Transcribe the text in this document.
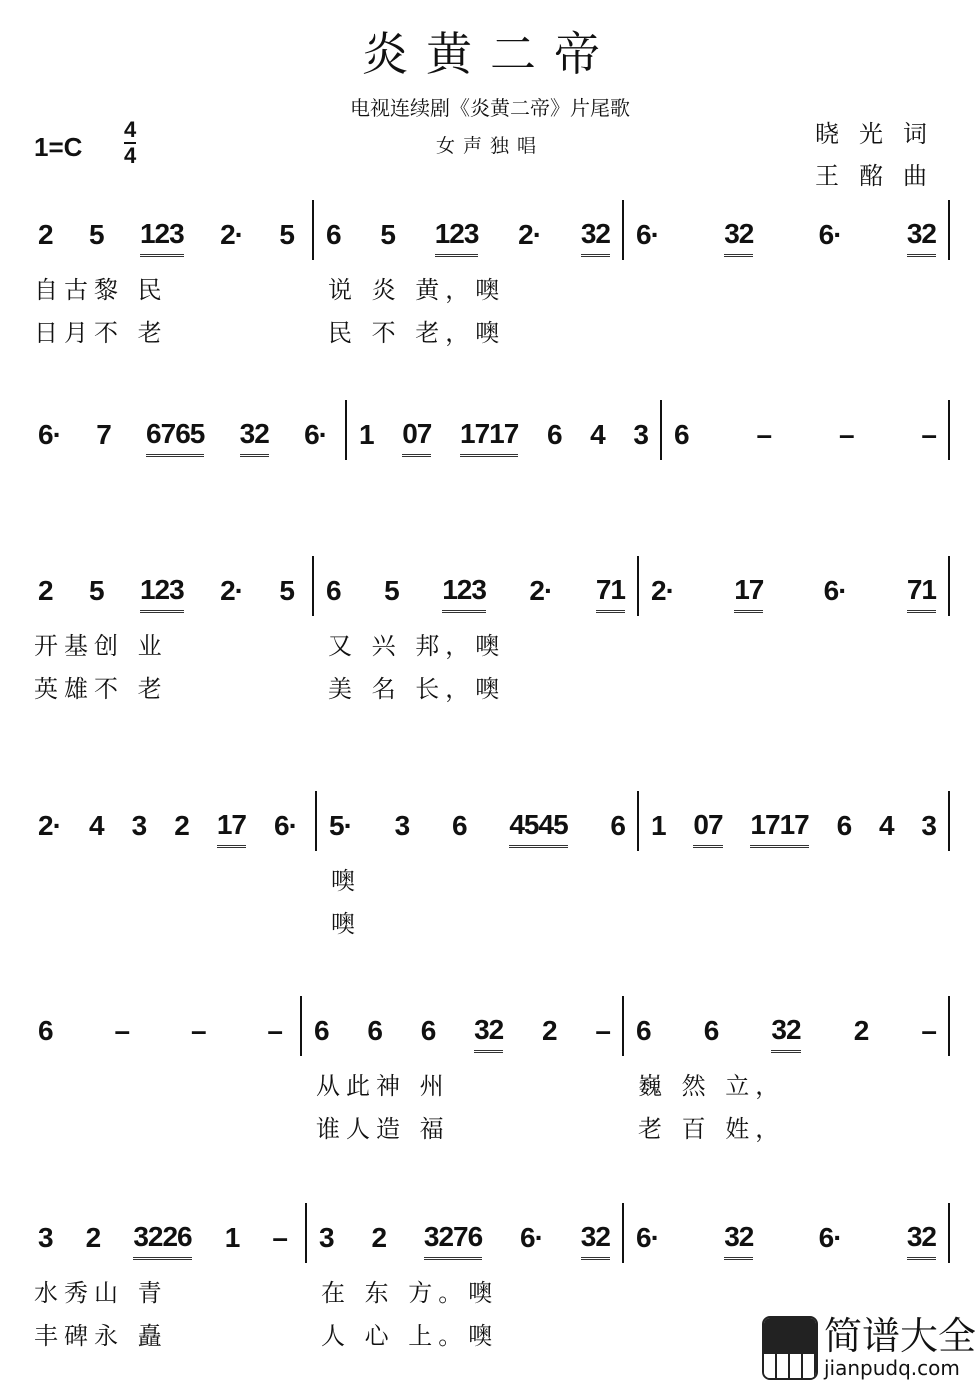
炎黄二帝
电视连续剧《炎黄二帝》片尾歌
女声独唱
1=C
4
4
晓光词
王酩曲
2 5 123 2· 5 6 5 123 2· 32 6· 32 6· 32
自古黎 民	说 炎 黄，噢
日月不 老	民 不 老，噢
6· 7 6765 32 6· 1 07 1717 6 4 3 6 – – –
2 5 123 2· 5 6 5 123 2· 71 2· 17 6· 71
开基创 业	又 兴 邦，噢
英雄不 老	美 名 长，噢
2· 4 3 2 17 6· 5· 3 6 4545 6 1 07 1717 6 4 3
噢
噢
6 – – – 6 6 6 32 2 – 6 6 32 2 –
从此神 州	巍 然 立，
谁人造 福	老 百 姓，
3 2 3226 1 – 3 2 3276 6· 32 6· 32 6· 32
水秀山 青	在 东 方。噢
丰碑永 矗	人 心 上。噢	简谱大全
jianpudq.com
